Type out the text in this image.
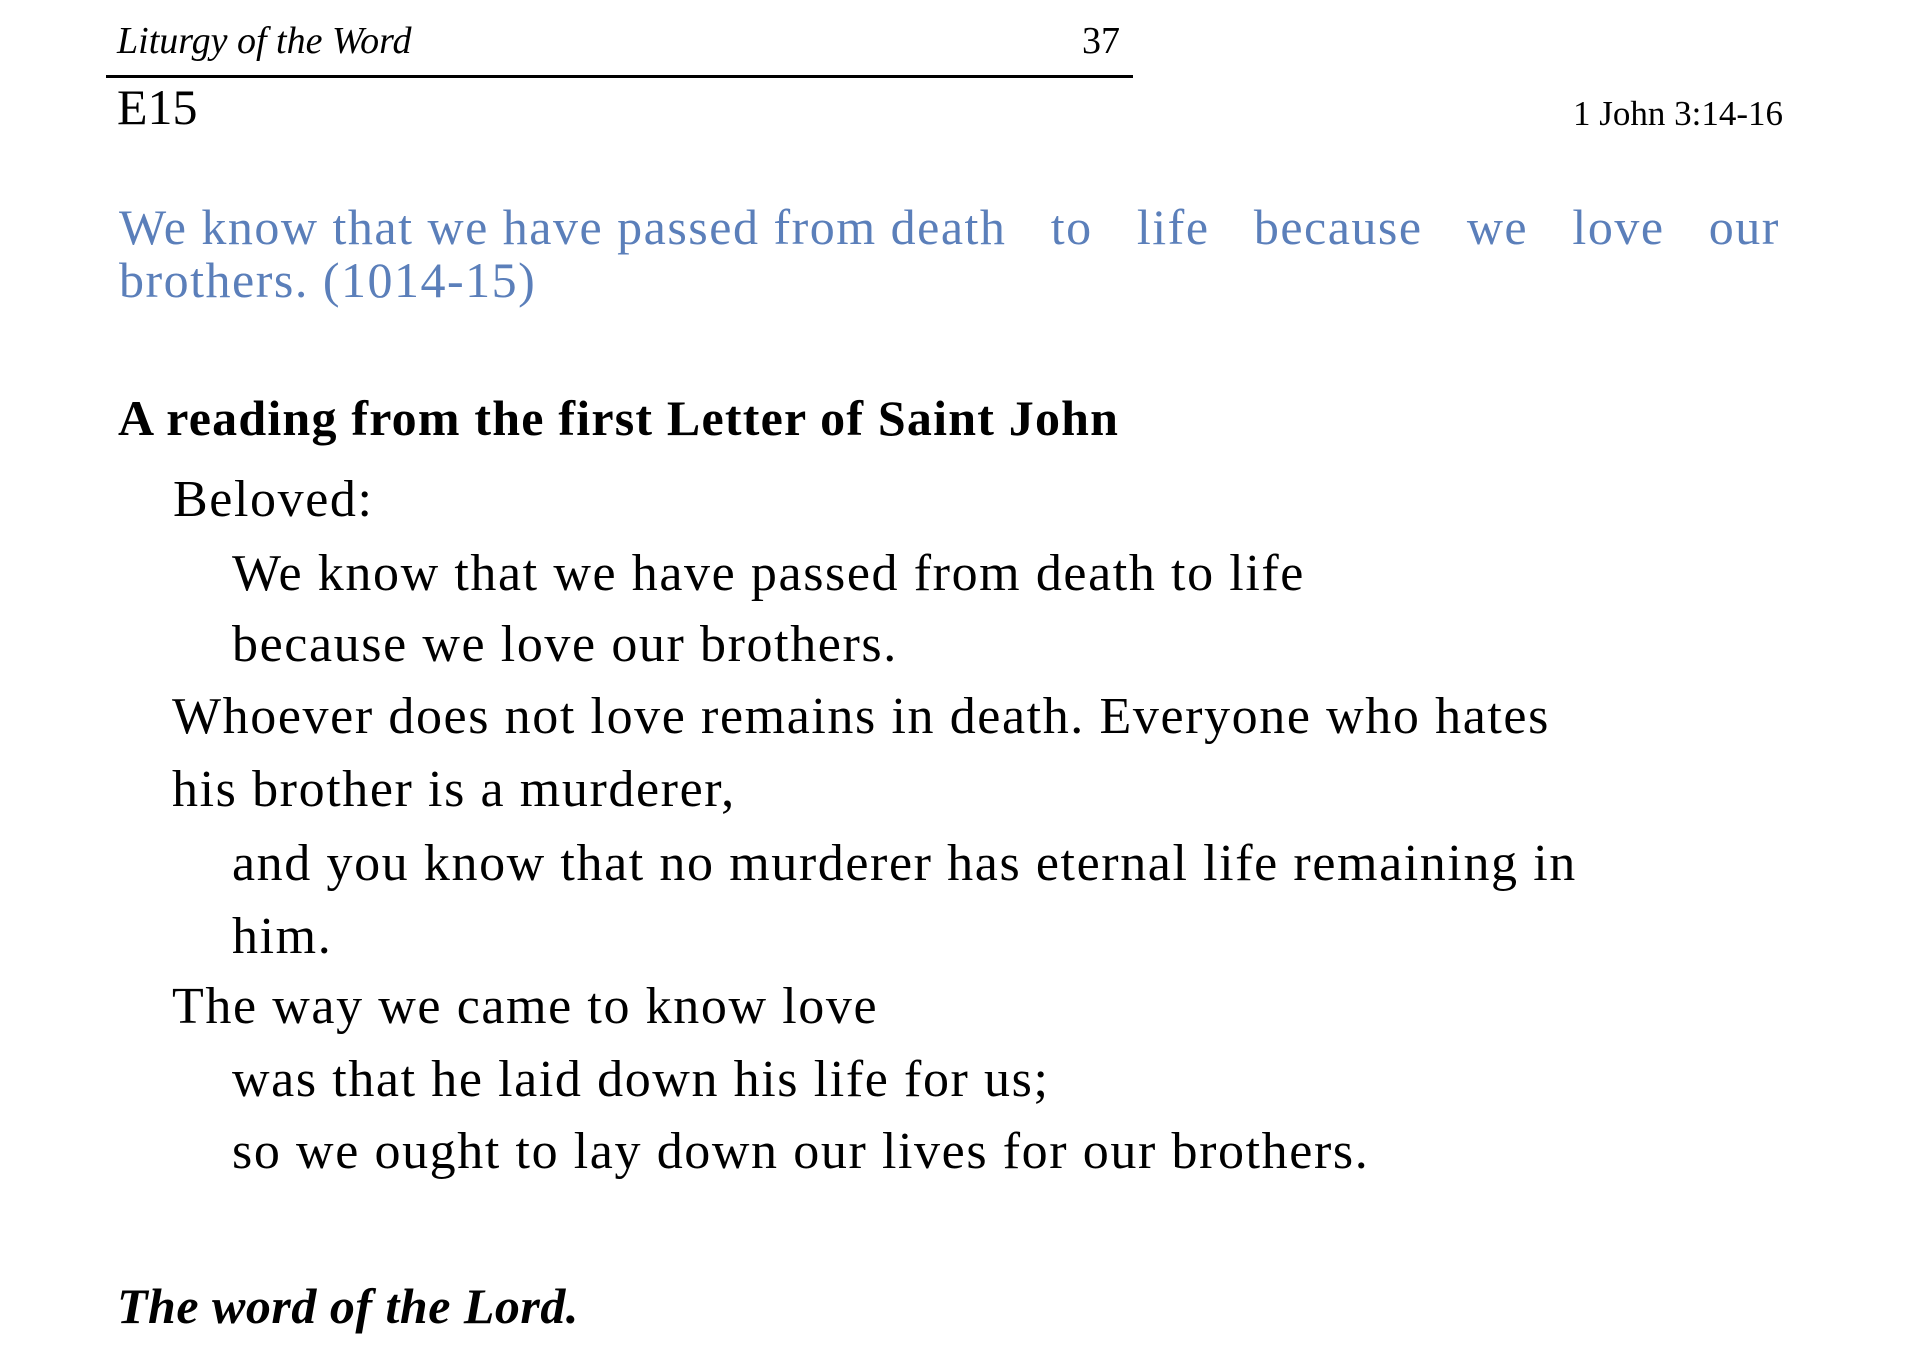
Liturgy of the Word	37
E15	1 John 3:14-16
We know that we have passed from death to life because we love our
brothers. (1014-15)
A reading from the first Letter of Saint John
Beloved:
We know that we have passed from death to life
because we love our brothers.
Whoever does not love remains in death. Everyone who hates
his brother is a murderer,
and you know that no murderer has eternal life remaining in
him.
The way we came to know love
was that he laid down his life for us;
so we ought to lay down our lives for our brothers.
The word of the Lord.
